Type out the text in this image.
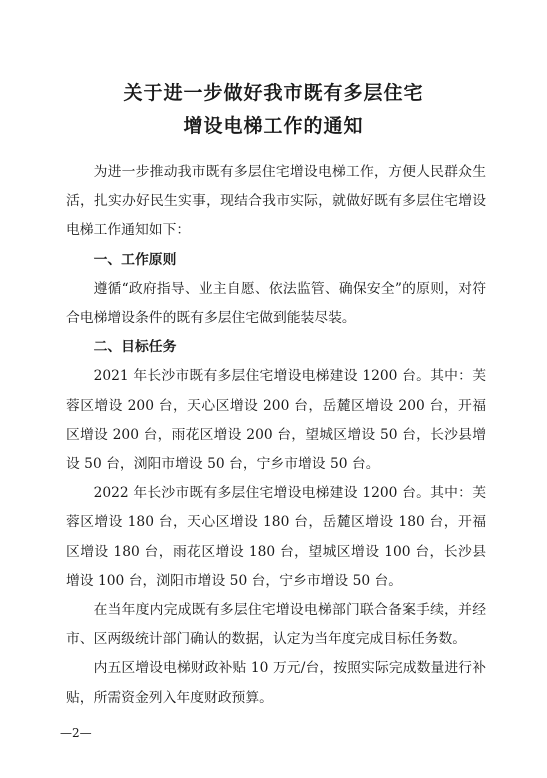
关于进一步做好我市既有多层住宅
增设电梯工作的通知

为进一步推动我市既有多层住宅增设电梯工作，方便人民群众生活，扎实办好民生实事，现结合我市实际，就做好既有多层住宅增设电梯工作通知如下：

一、工作原则

遵循“政府指导、业主自愿、依法监管、确保安全”的原则，对符合电梯增设条件的既有多层住宅做到能装尽装。

二、目标任务

2021 年长沙市既有多层住宅增设电梯建设 1200 台。其中：芙蓉区增设 200 台，天心区增设 200 台，岳麓区增设 200 台，开福区增设 200 台，雨花区增设 200 台，望城区增设 50 台，长沙县增设 50 台，浏阳市增设 50 台，宁乡市增设 50 台。

2022 年长沙市既有多层住宅增设电梯建设 1200 台。其中：芙蓉区增设 180 台，天心区增设 180 台，岳麓区增设 180 台，开福区增设 180 台，雨花区增设 180 台，望城区增设 100 台，长沙县增设 100 台，浏阳市增设 50 台，宁乡市增设 50 台。

在当年度内完成既有多层住宅增设电梯部门联合备案手续，并经市、区两级统计部门确认的数据，认定为当年度完成目标任务数。

内五区增设电梯财政补贴 10 万元/台，按照实际完成数量进行补贴，所需资金列入年度财政预算。

—2—
